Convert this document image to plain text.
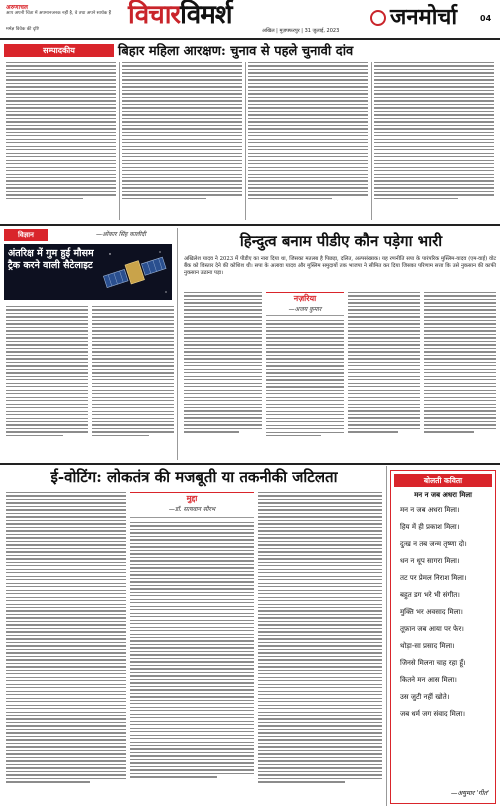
अरुणाचल
आप अपनी चिंता में अपमानजनक नहीं है, वे तथा अपने सार्थक हैं
मर्मज्ञ विवेक की दृष्टि	विचारविमर्श
अखिल | मुज़फ्फरपुर | 31 जुलाई, 2023
जनमोर्चा	04
सम्पादकीय	बिहार महिला आरक्षण: चुनाव से पहले चुनावी दांव
विज्ञान	—ओंकार सिंह कालीदी
अंतरिक्ष में गुम हुई मौसम ट्रैक करने वाली सैटेलाइट
हिन्दुत्व बनाम पीडीए कौन पड़ेगा भारी
अखिलेश यादव ने 2023 में पीडीए का नारा दिया था, जिसका मतलब है पिछड़ा, दलित, अल्पसंख्यक। यह रणनीति सपा के पारंपरिक मुस्लिम-यादव (एम-वाई) वोट बैंक को विस्तार देने की कोशिश थी। सपा के अलावा यादव और मुस्लिम समुदायों तक भाजपा ने सीमित कर दिया जिसका परिणाम सत्ता कि उसे नुकसान की काफी नुकसान उठाना पड़ा।
नज़रिया
—अजय कुमार
ई-वोटिंग: लोकतंत्र की मजबूती या तकनीकी जटिलता
मुद्दा
—डॉ. सत्यवान सौरभ
बोलती कविता
मन न जब अधरा मिला
मन न जब अधरा मिला।
हिय में ही प्रकाश मिला।
दुःख न तब जन्म तृष्णा दो।
धन न धूप सागरा मिला।
तट पर प्रेमल निराश मिला।
बहुत डग भरे भी संगीत।
मुक्ति भर अवसाद मिला।
तूफ़ान जब आया पर फेर।
थोड़ा-सा प्रसाद मिला।
जिनसे मिलना चाह रहा हूँ।
कितने मन आस मिला।
उस जुटी नहीं खोते।
जब धर्म जग संवाद मिला।
—अयुमार 'गीत'
